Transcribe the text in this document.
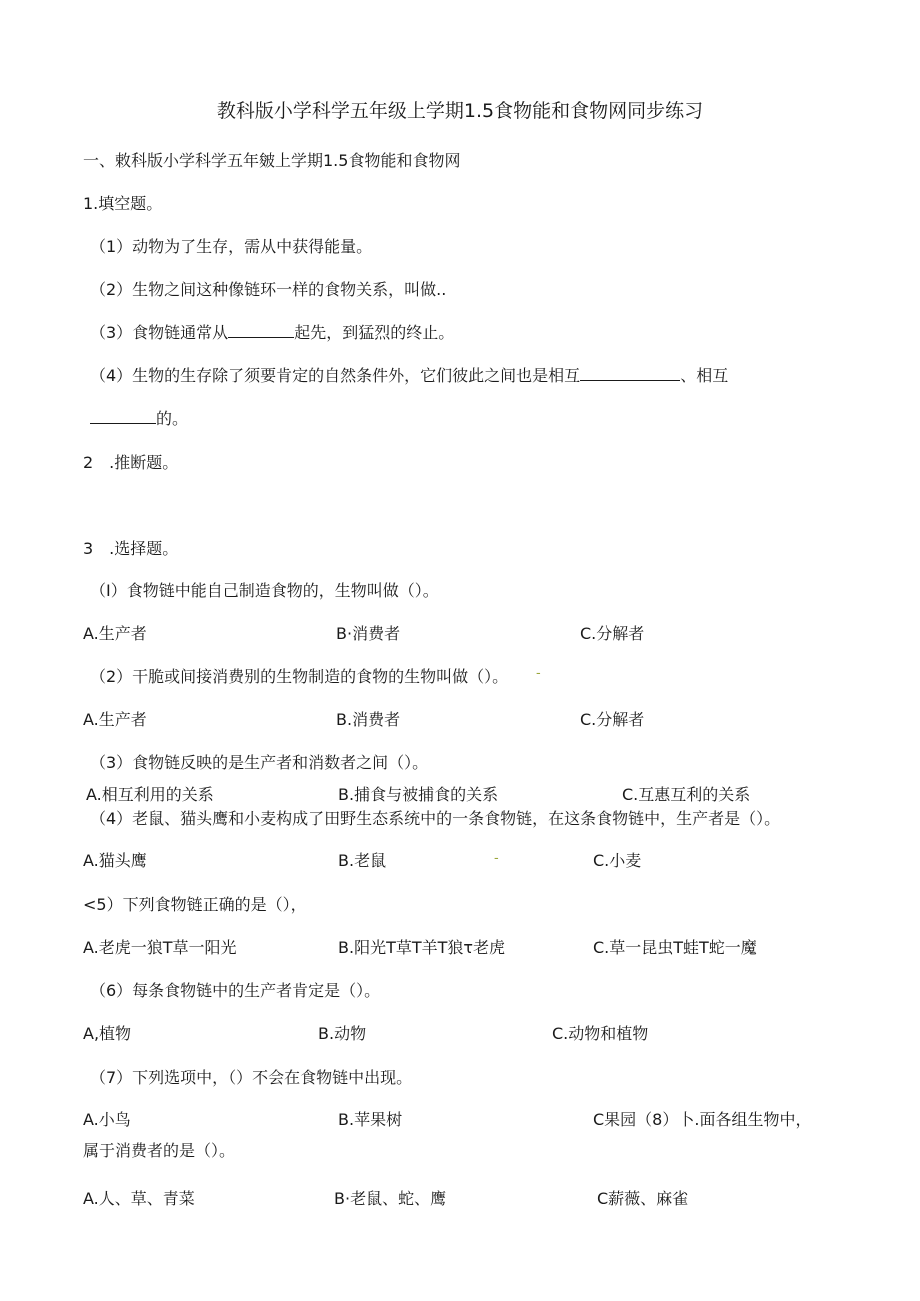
教科版小学科学五年级上学期1.5食物能和食物网同步练习
一、敕科版小学科学五年皴上学期1.5食物能和食物网
1.填空题。
（1）动物为了生存，需从中获得能量。
（2）生物之间这种像链环一样的食物关系，叫做..
（3）食物链通常从	起先，到猛烈的终止。
（4）生物的生存除了须要肯定的自然条件外，它们彼此之间也是相互	、相互
的。
2　.推断题。
3　.选择题。
（I）食物链中能自己制造食物的，生物叫做（）。
A.生产者	B·消费者	C.分解者
（2）干脆或间接消费别的生物制造的食物的生物叫做（）。 -
A.生产者	B.消费者	C.分解者
（3）食物链反映的是生产者和消数者之间（）。
A.相互利用的关系	B.捕食与被捕食的关系	C.互惠互利的关系
（4）老鼠、猫头鹰和小麦构成了田野生态系统中的一条食物链，在这条食物链中，生产者是（）。
A.猫头鹰	B.老鼠	-	C.小麦
<5）下列食物链正确的是（），
A.老虎一狼T草一阳光	B.阳光T草T羊T狼τ老虎	C.草一昆虫T蛙T蛇一魔
（6）每条食物链中的生产者肯定是（）。
A,植物	B.动物	C.动物和植物
（7）下列选项中，（）不会在食物链中出现。
A.小鸟	B.苹果树	C果园（8）卜.面各组生物中，
属于消费者的是（）。
A.人、草、青菜	B·老鼠、蛇、鹰	C薪薇、麻雀
